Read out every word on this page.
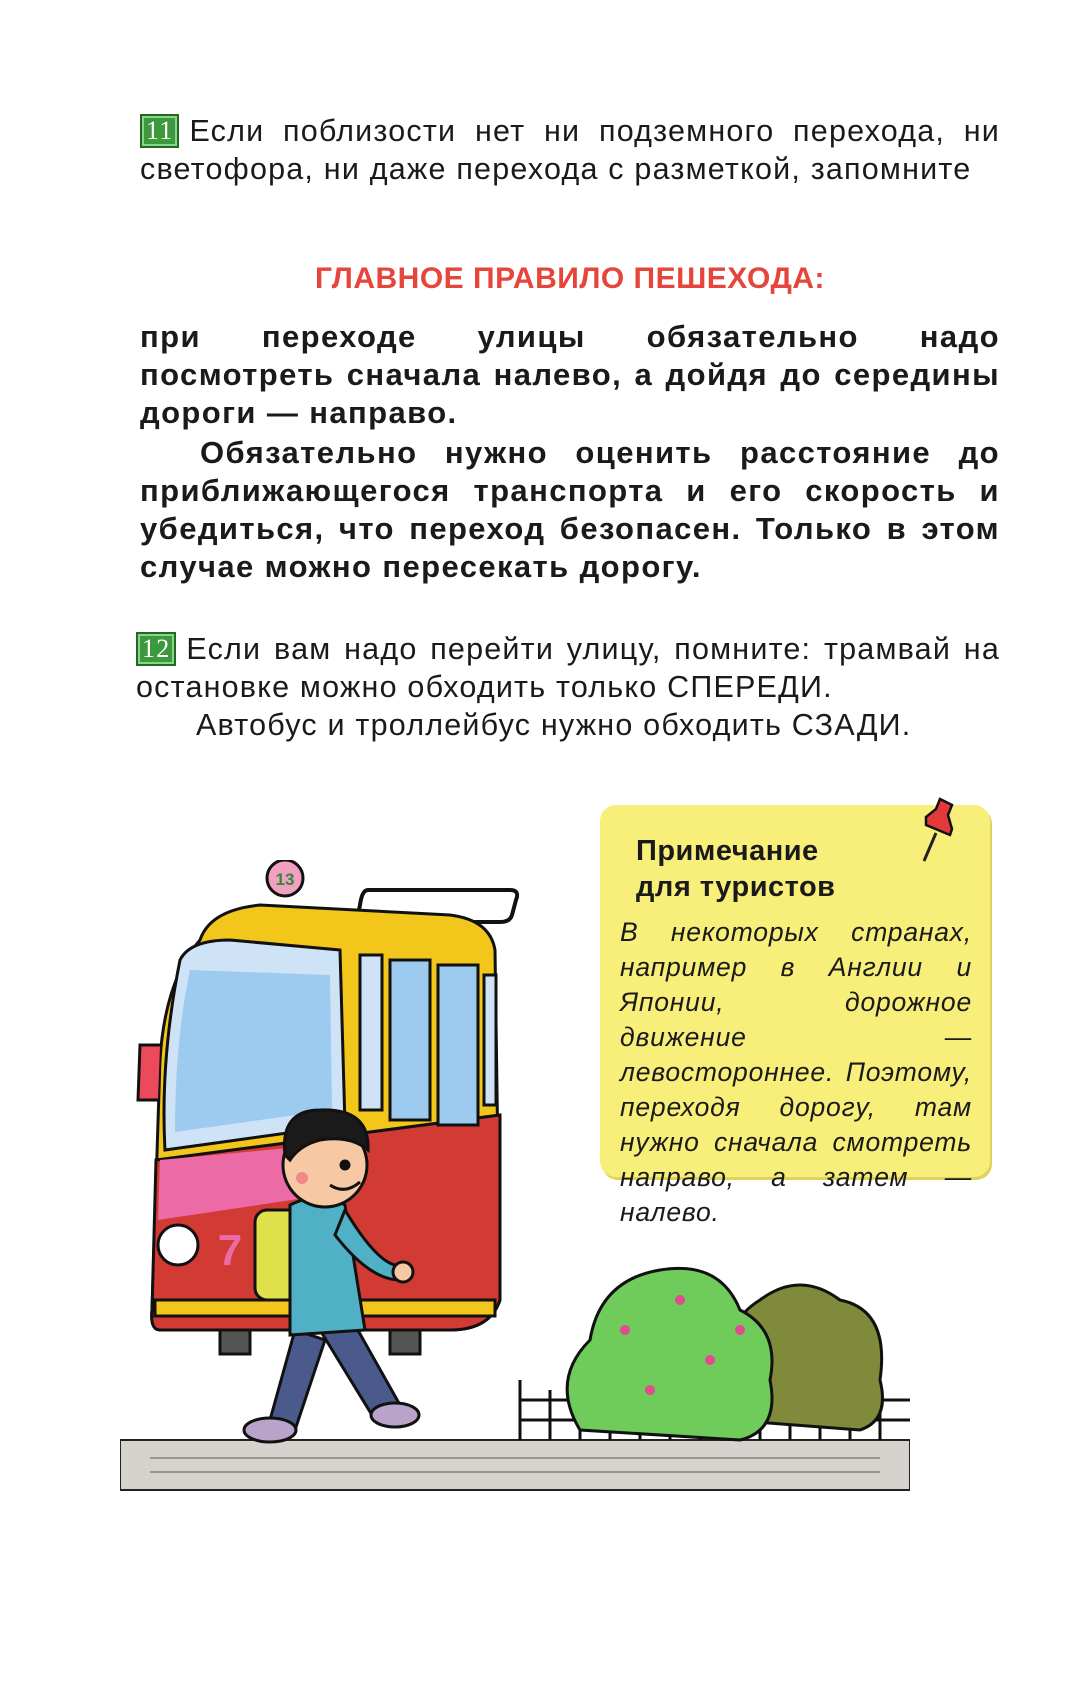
11 Если поблизости нет ни подземного перехода, ни светофора, ни даже перехода с разметкой, запомните
ГЛАВНОЕ ПРАВИЛО ПЕШЕХОДА:

при переходе улицы обязательно надо посмотреть сначала налево, а дойдя до середины дороги — направо.

Обязательно нужно оценить расстояние до приближающегося транспорта и его скорость и убедиться, что переход безопасен. Только в этом случае можно пересекать дорогу.

12 Если вам надо перейти улицу, помните: трамвай на остановке можно обходить только СПЕРЕДИ.
Автобус и троллейбус нужно обходить СЗАДИ.
13
7
Примечание
для туристов
В некоторых странах, например в Англии и Японии, дорожное движение — левостороннее. Поэтому, переходя дорогу, там нужно сначала смотреть направо, а затем — налево.
